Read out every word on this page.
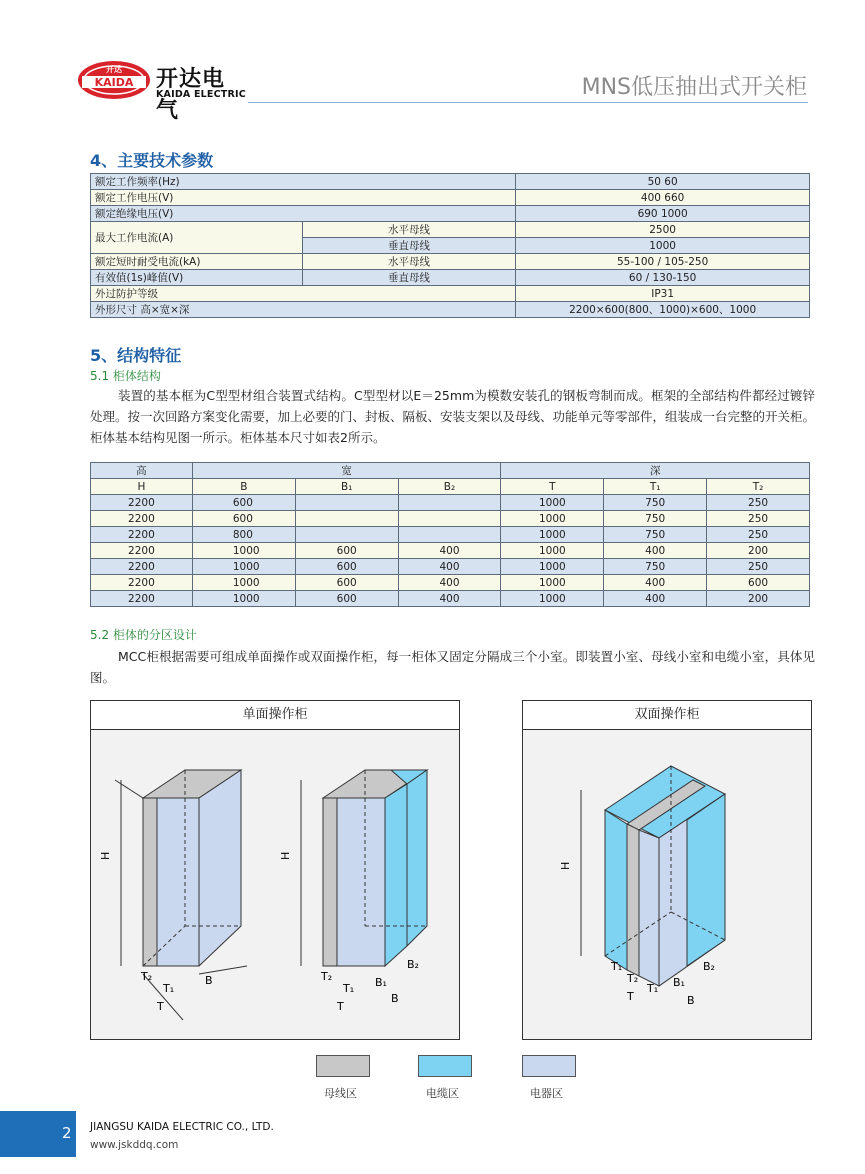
KAIDA
开达 开达电气
KAIDA ELECTRIC	MNS低压抽出式开关柜
4、主要技术参数
额定工作频率(Hz)		50 60
额定工作电压(V)		400 660
额定绝缘电压(V)		690 1000
最大工作电流(A)	水平母线	2500
	垂直母线	1000
额定短时耐受电流(kA)	水平母线	55-100 / 105-250
有效值(1s)峰值(V)	垂直母线	60 / 130-150
外过防护等级		IP31
外形尺寸 高×宽×深		2200×600(800、1000)×600、1000
5、结构特征
5.1 柜体结构
装置的基本框为C型型材组合装置式结构。C型型材以E＝25mm为模数安装孔的钢板弯制而成。框架的全部结构件都经过镀锌处理。按一次回路方案变化需要，加上必要的门、封板、隔板、安装支架以及母线、功能单元等零部件，组装成一台完整的开关柜。柜体基本结构见图一所示。柜体基本尺寸如表2所示。
高	宽			深		
H	B	B₁	B₂	T	T₁	T₂
2200	600			1000	750	250
2200	600			1000	750	250
2200	800			1000	750	250
2200	1000	600	400	1000	400	200
2200	1000	600	400	1000	750	250
2200	1000	600	400	1000	400	600
2200	1000	600	400	1000	400	200
5.2 柜体的分区设计
MCC柜根据需要可组成单面操作或双面操作柜，每一柜体又固定分隔成三个小室。即装置小室、母线小室和电缆小室，具体见图。
单面操作柜
H
T₂
T₁
B
T
H
T₂
T₁ B₁
B₂
B
T
双面操作柜
H
T₁
T₂
T₁ B₁
B₂
T	B
母线区	电缆区	电器区
2 JIANGSU KAIDA ELECTRIC CO., LTD.
www.jskddq.com
